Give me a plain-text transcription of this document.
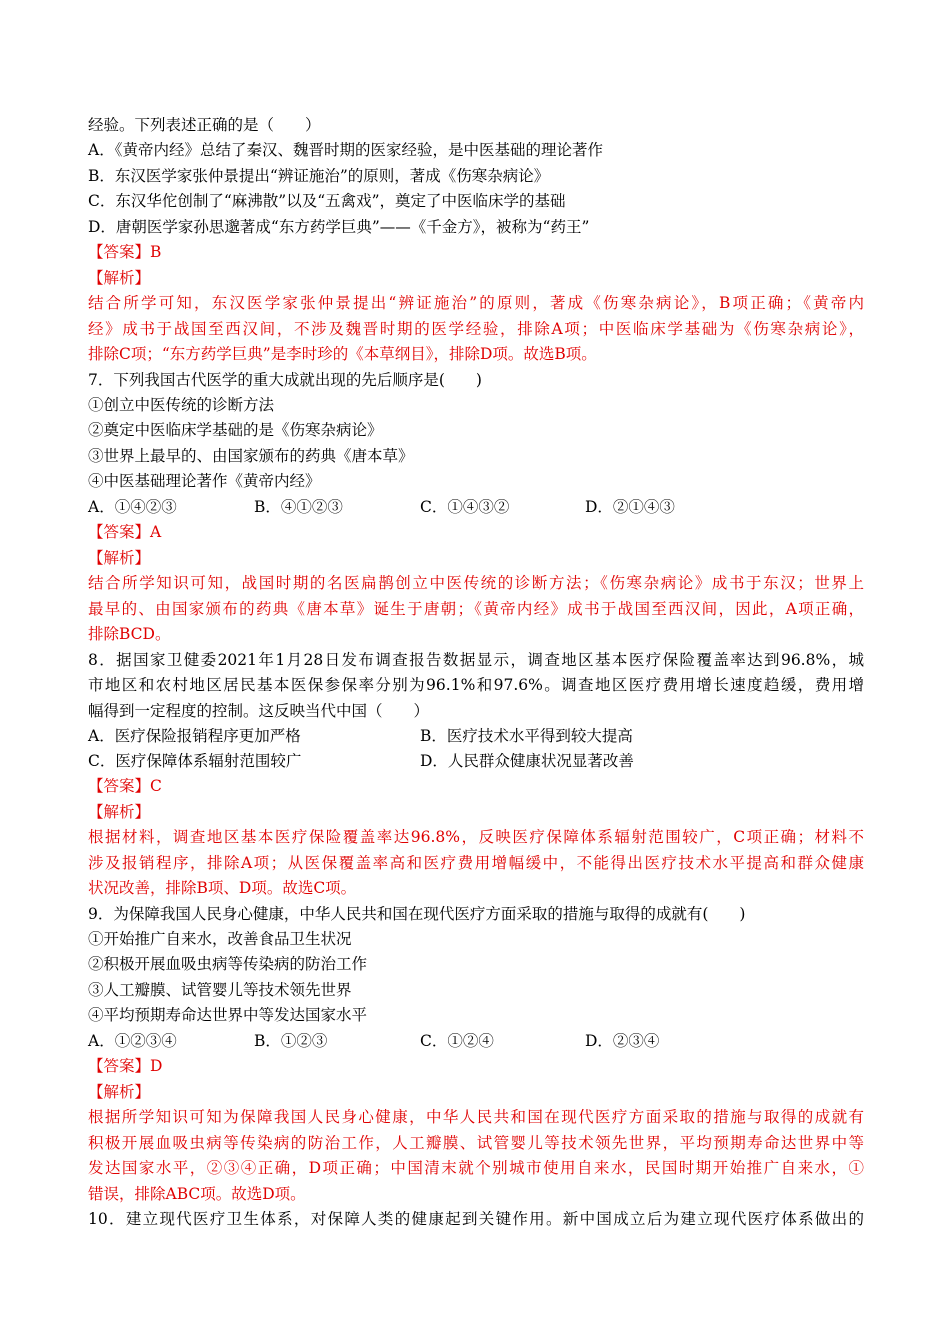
经验。下列表述正确的是（　　）
A．《黄帝内经》总结了秦汉、魏晋时期的医家经验，是中医基础的理论著作
B．东汉医学家张仲景提出“辨证施治”的原则，著成《伤寒杂病论》
C．东汉华佗创制了“麻沸散”以及“五禽戏”，奠定了中医临床学的基础
D．唐朝医学家孙思邈著成“东方药学巨典”——《千金方》，被称为“药王”
【答案】B
【解析】
结合所学可知，东汉医学家张仲景提出“辨证施治”的原则，著成《伤寒杂病论》，B项正确；《黄帝内
经》成书于战国至西汉间，不涉及魏晋时期的医学经验，排除A项；中医临床学基础为《伤寒杂病论》，
排除C项；“东方药学巨典”是李时珍的《本草纲目》，排除D项。故选B项。
7．下列我国古代医学的重大成就出现的先后顺序是(　　)
①创立中医传统的诊断方法
②奠定中医临床学基础的是《伤寒杂病论》
③世界上最早的、由国家颁布的药典《唐本草》
④中医基础理论著作《黄帝内经》
A．①④②③	B．④①②③	C．①④③②	D．②①④③
【答案】A
【解析】
结合所学知识可知，战国时期的名医扁鹊创立中医传统的诊断方法；《伤寒杂病论》成书于东汉；世界上
最早的、由国家颁布的药典《唐本草》诞生于唐朝；《黄帝内经》成书于战国至西汉间，因此，A项正确，
排除BCD。
8．据国家卫健委2021年1月28日发布调查报告数据显示，调查地区基本医疗保险覆盖率达到96.8%，城
市地区和农村地区居民基本医保参保率分别为96.1%和97.6%。调查地区医疗费用增长速度趋缓，费用增
幅得到一定程度的控制。这反映当代中国（　　）
A．医疗保险报销程序更加严格	B．医疗技术水平得到较大提高
C．医疗保障体系辐射范围较广	D．人民群众健康状况显著改善
【答案】C
【解析】
根据材料，调查地区基本医疗保险覆盖率达96.8%，反映医疗保障体系辐射范围较广，C项正确；材料不
涉及报销程序，排除A项；从医保覆盖率高和医疗费用增幅缓中，不能得出医疗技术水平提高和群众健康
状况改善，排除B项、D项。故选C项。
9．为保障我国人民身心健康，中华人民共和国在现代医疗方面采取的措施与取得的成就有(　　)
①开始推广自来水，改善食品卫生状况
②积极开展血吸虫病等传染病的防治工作
③人工瓣膜、试管婴儿等技术领先世界
④平均预期寿命达世界中等发达国家水平
A．①②③④	B．①②③	C．①②④	D．②③④
【答案】D
【解析】
根据所学知识可知为保障我国人民身心健康，中华人民共和国在现代医疗方面采取的措施与取得的成就有
积极开展血吸虫病等传染病的防治工作，人工瓣膜、试管婴儿等技术领先世界，平均预期寿命达世界中等
发达国家水平，②③④正确，D项正确；中国清末就个别城市使用自来水，民国时期开始推广自来水，①
错误，排除ABC项。故选D项。
10．建立现代医疗卫生体系，对保障人类的健康起到关键作用。新中国成立后为建立现代医疗体系做出的
